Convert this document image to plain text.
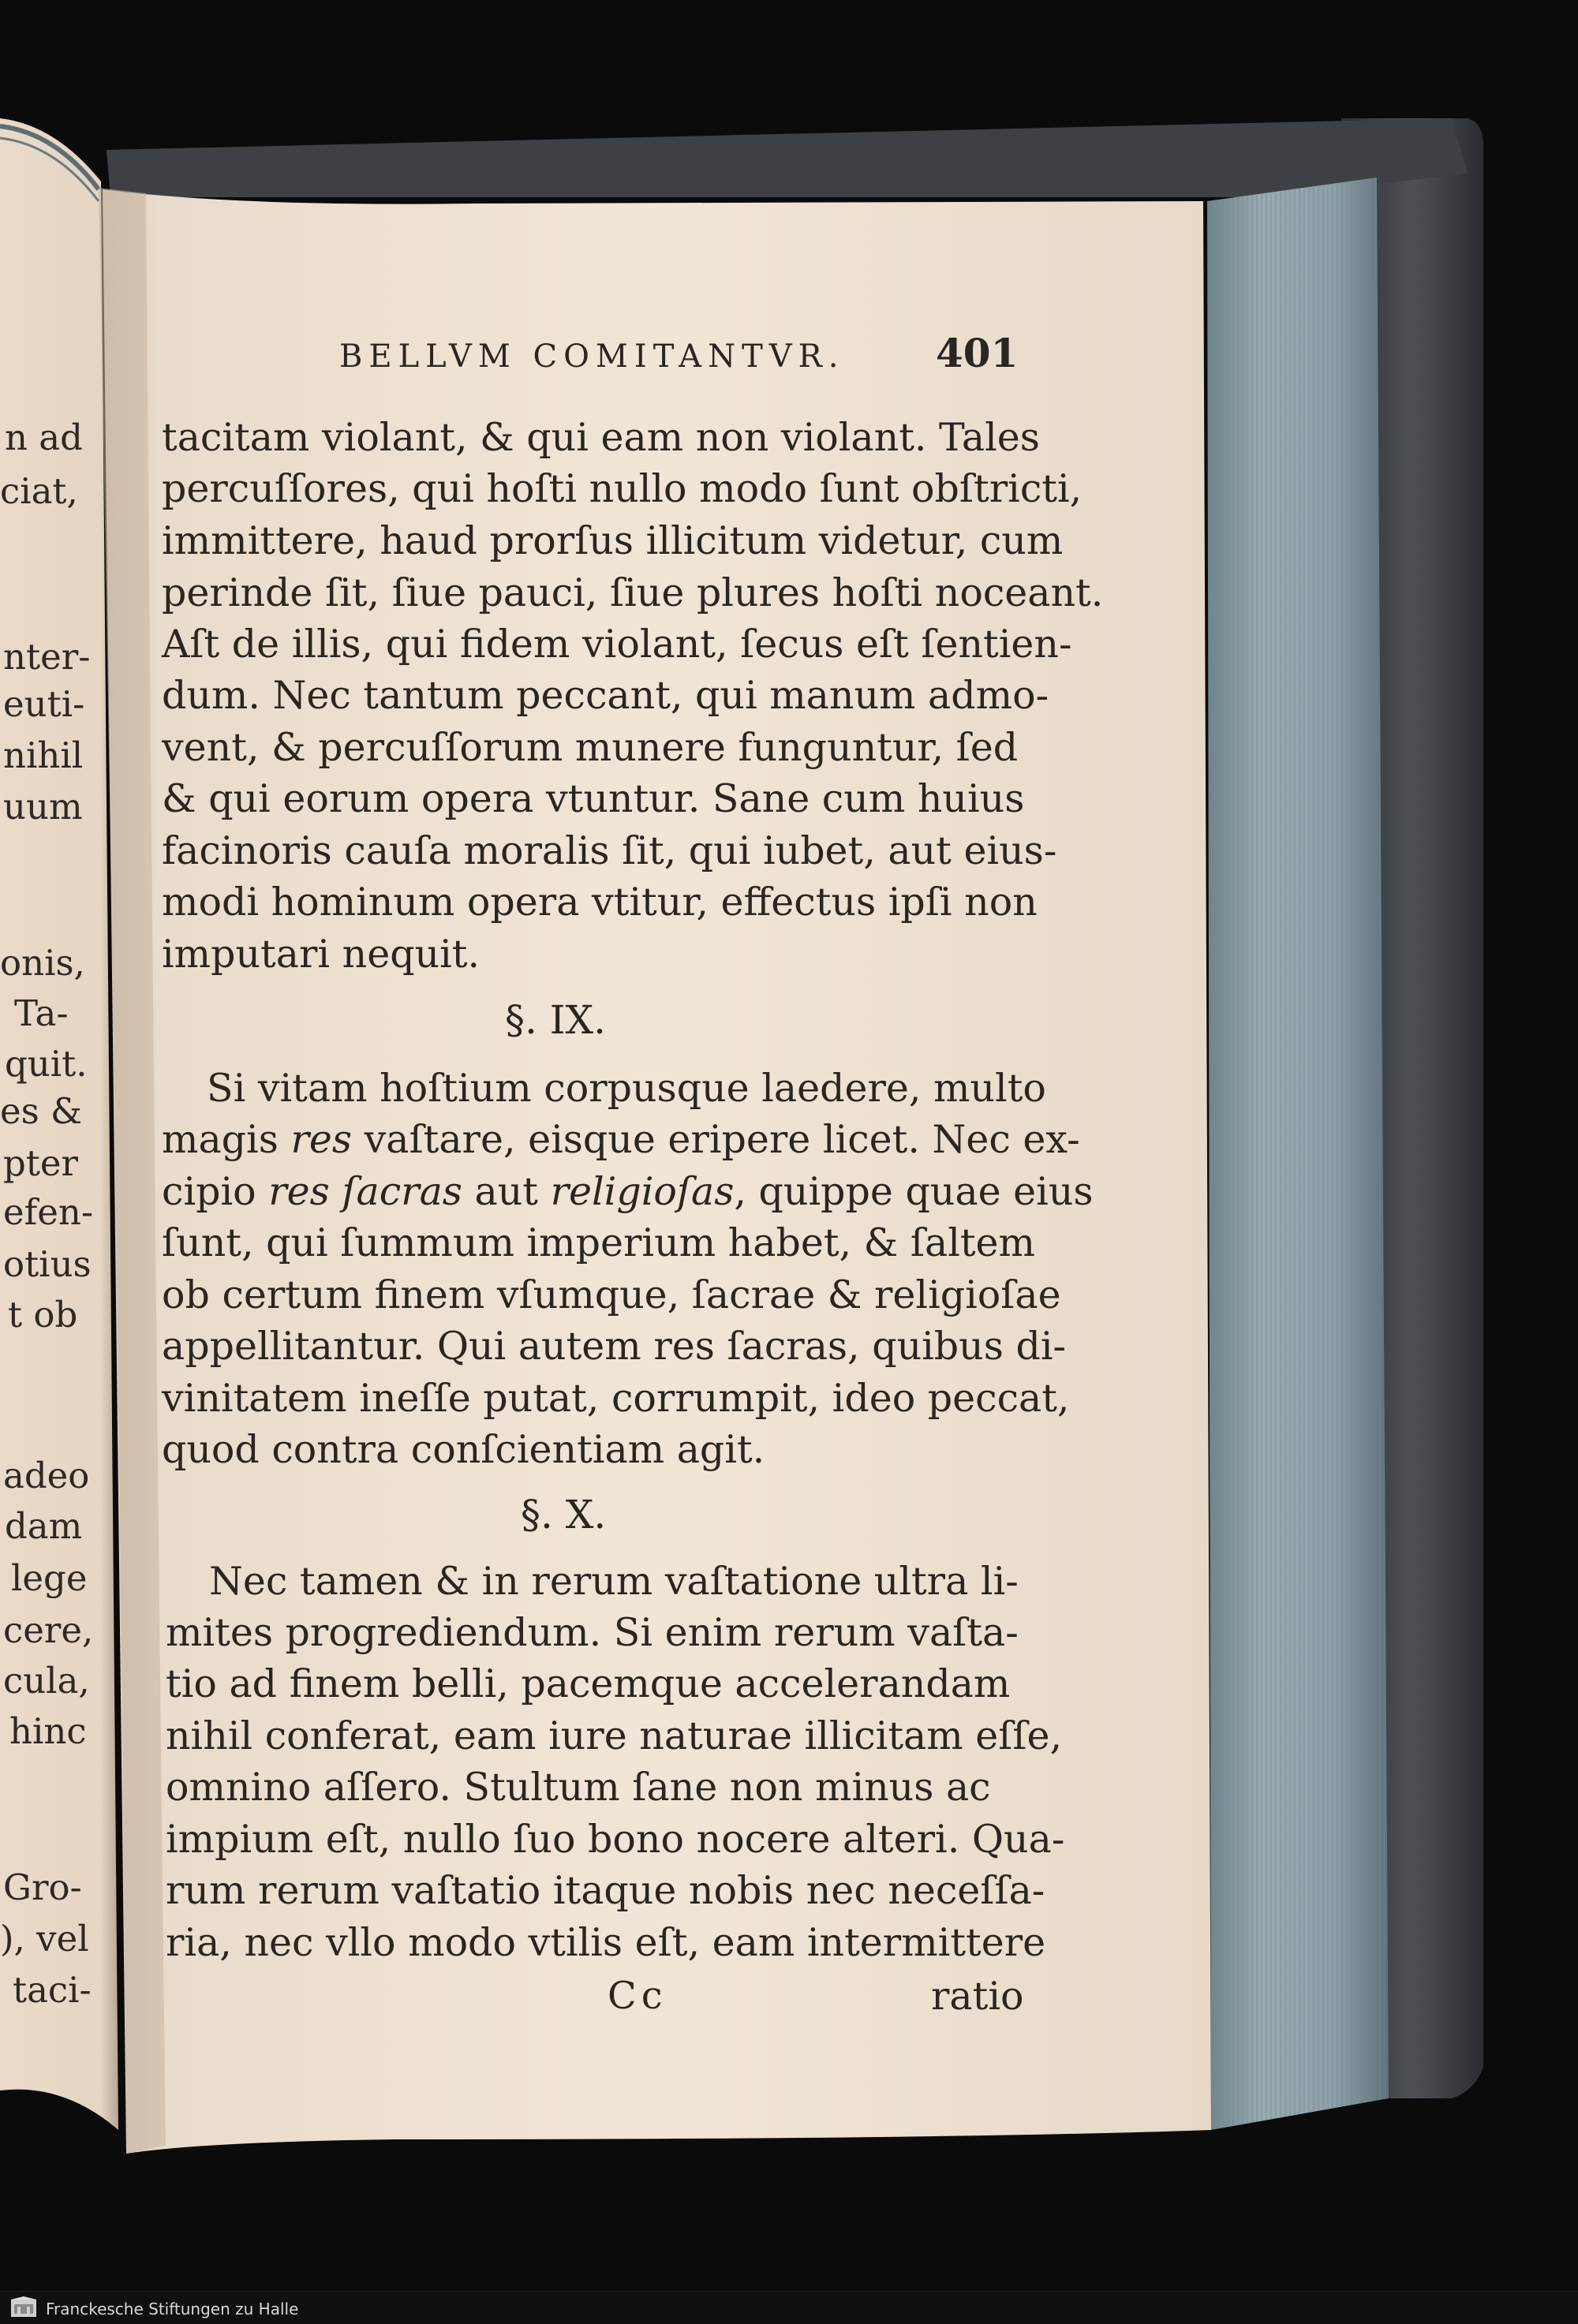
n ad
ciat,
nter-
euti-
nihil
uum
onis,
Ta-
quit.
es &
pter
efen-
otius
t ob
adeo
dam
lege
cere,
cula,
hinc
Gro-
), vel
taci-
BELLVM COMITANTVR. 401
tacitam violant, & qui eam non violant. Tales
percuſſores, qui hoſti nullo modo ſunt obſtricti,
immittere, haud prorſus illicitum videtur, cum
perinde ſit, ſiue pauci, ſiue plures hoſti noceant.
Aſt de illis, qui fidem violant, ſecus eſt ſentien-
dum. Nec tantum peccant, qui manum admo-
vent, & percuſſorum munere funguntur, ſed
& qui eorum opera vtuntur. Sane cum huius
facinoris cauſa moralis ſit, qui iubet, aut eius-
modi hominum opera vtitur, effectus ipſi non
imputari nequit.
§. IX.
Si vitam hoſtium corpusque laedere, multo
magis res vaſtare, eisque eripere licet. Nec ex-
cipio res ſacras aut religioſas, quippe quae eius
ſunt, qui ſummum imperium habet, & ſaltem
ob certum finem vſumque, ſacrae & religioſae
appellitantur. Qui autem res ſacras, quibus di-
vinitatem ineſſe putat, corrumpit, ideo peccat,
quod contra conſcientiam agit.
§. X.
Nec tamen & in rerum vaſtatione ultra li-
mites progrediendum. Si enim rerum vaſta-
tio ad finem belli, pacemque accelerandam
nihil conferat, eam iure naturae illicitam eſſe,
omnino aſſero. Stultum ſane non minus ac
impium eſt, nullo ſuo bono nocere alteri. Qua-
rum rerum vaſtatio itaque nobis nec neceſſa-
ria, nec vllo modo vtilis eſt, eam intermittere
Cc	ratio
Franckesche Stiftungen zu Halle
